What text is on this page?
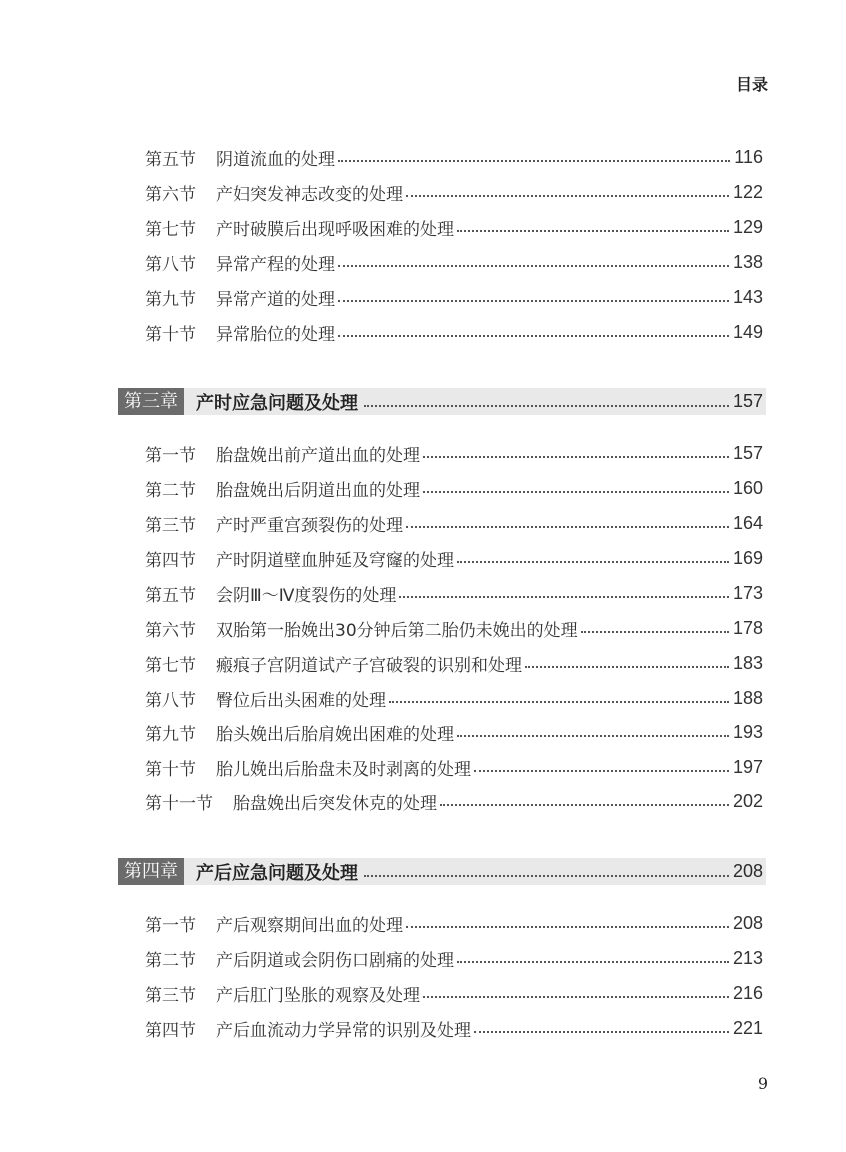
目录
第五节 阴道流血的处理	116
第六节 产妇突发神志改变的处理	122
第七节 产时破膜后出现呼吸困难的处理	129
第八节 异常产程的处理	138
第九节 异常产道的处理	143
第十节 异常胎位的处理	149
第三章	产时应急问题及处理	157
第一节 胎盘娩出前产道出血的处理	157
第二节 胎盘娩出后阴道出血的处理	160
第三节 产时严重宫颈裂伤的处理	164
第四节 产时阴道壁血肿延及穹窿的处理	169
第五节 会阴Ⅲ～Ⅳ度裂伤的处理	173
第六节 双胎第一胎娩出30分钟后第二胎仍未娩出的处理	178
第七节 瘢痕子宫阴道试产子宫破裂的识别和处理	183
第八节 臀位后出头困难的处理	188
第九节 胎头娩出后胎肩娩出困难的处理	193
第十节 胎儿娩出后胎盘未及时剥离的处理	197
第十一节 胎盘娩出后突发休克的处理	202
第四章	产后应急问题及处理	208
第一节 产后观察期间出血的处理	208
第二节 产后阴道或会阴伤口剧痛的处理	213
第三节 产后肛门坠胀的观察及处理	216
第四节 产后血流动力学异常的识别及处理	221
9
